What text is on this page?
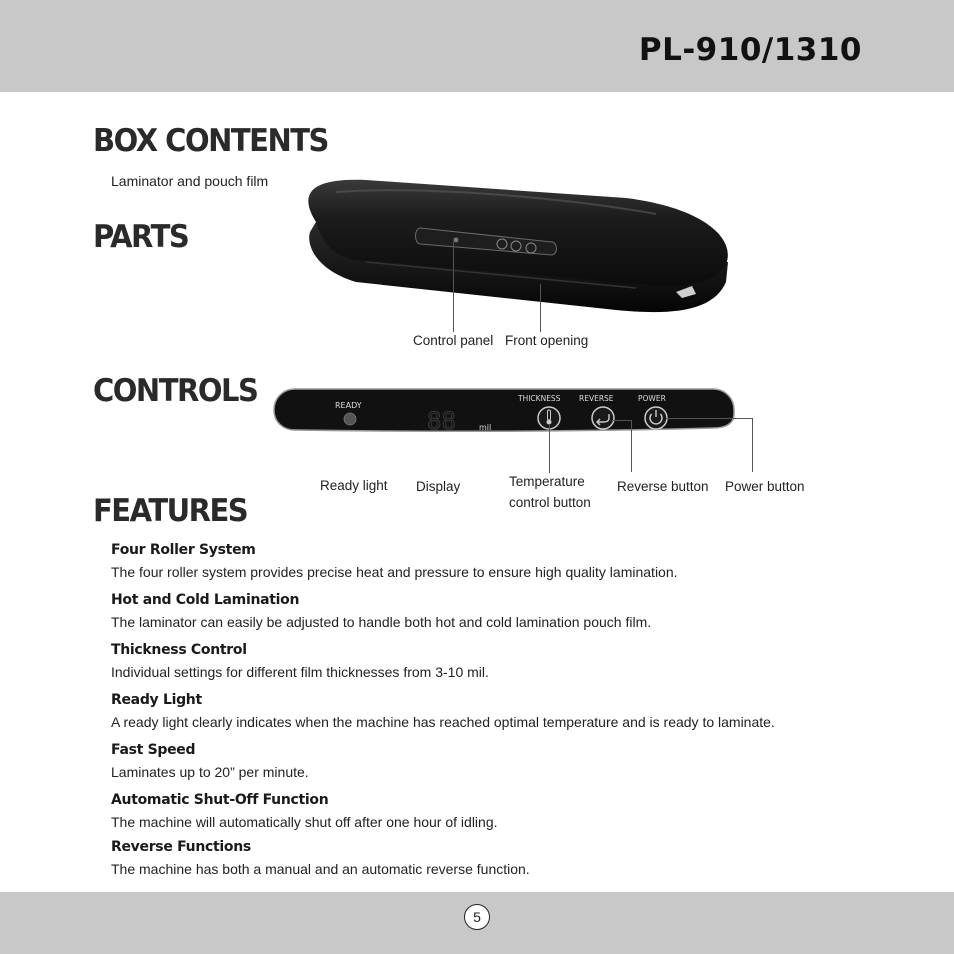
PL-910/1310
BOX CONTENTS
Laminator and pouch film
PARTS
Control panel Front opening
CONTROLS	READY
88	mil
THICKNESS REVERSE	POWER
Ready light Display	Temperature
control button
Reverse button Power button
FEATURES
Four Roller System
The four roller system provides precise heat and pressure to ensure high quality lamination.
Hot and Cold Lamination
The laminator can easily be adjusted to handle both hot and cold lamination pouch film.
Thickness Control
Individual settings for different film thicknesses from 3-10 mil.
Ready Light
A ready light clearly indicates when the machine has reached optimal temperature and is ready to laminate.
Fast Speed
Laminates up to 20” per minute.
Automatic Shut-Off Function
The machine will automatically shut off after one hour of idling.
Reverse Functions
The machine has both a manual and an automatic reverse function.
5
